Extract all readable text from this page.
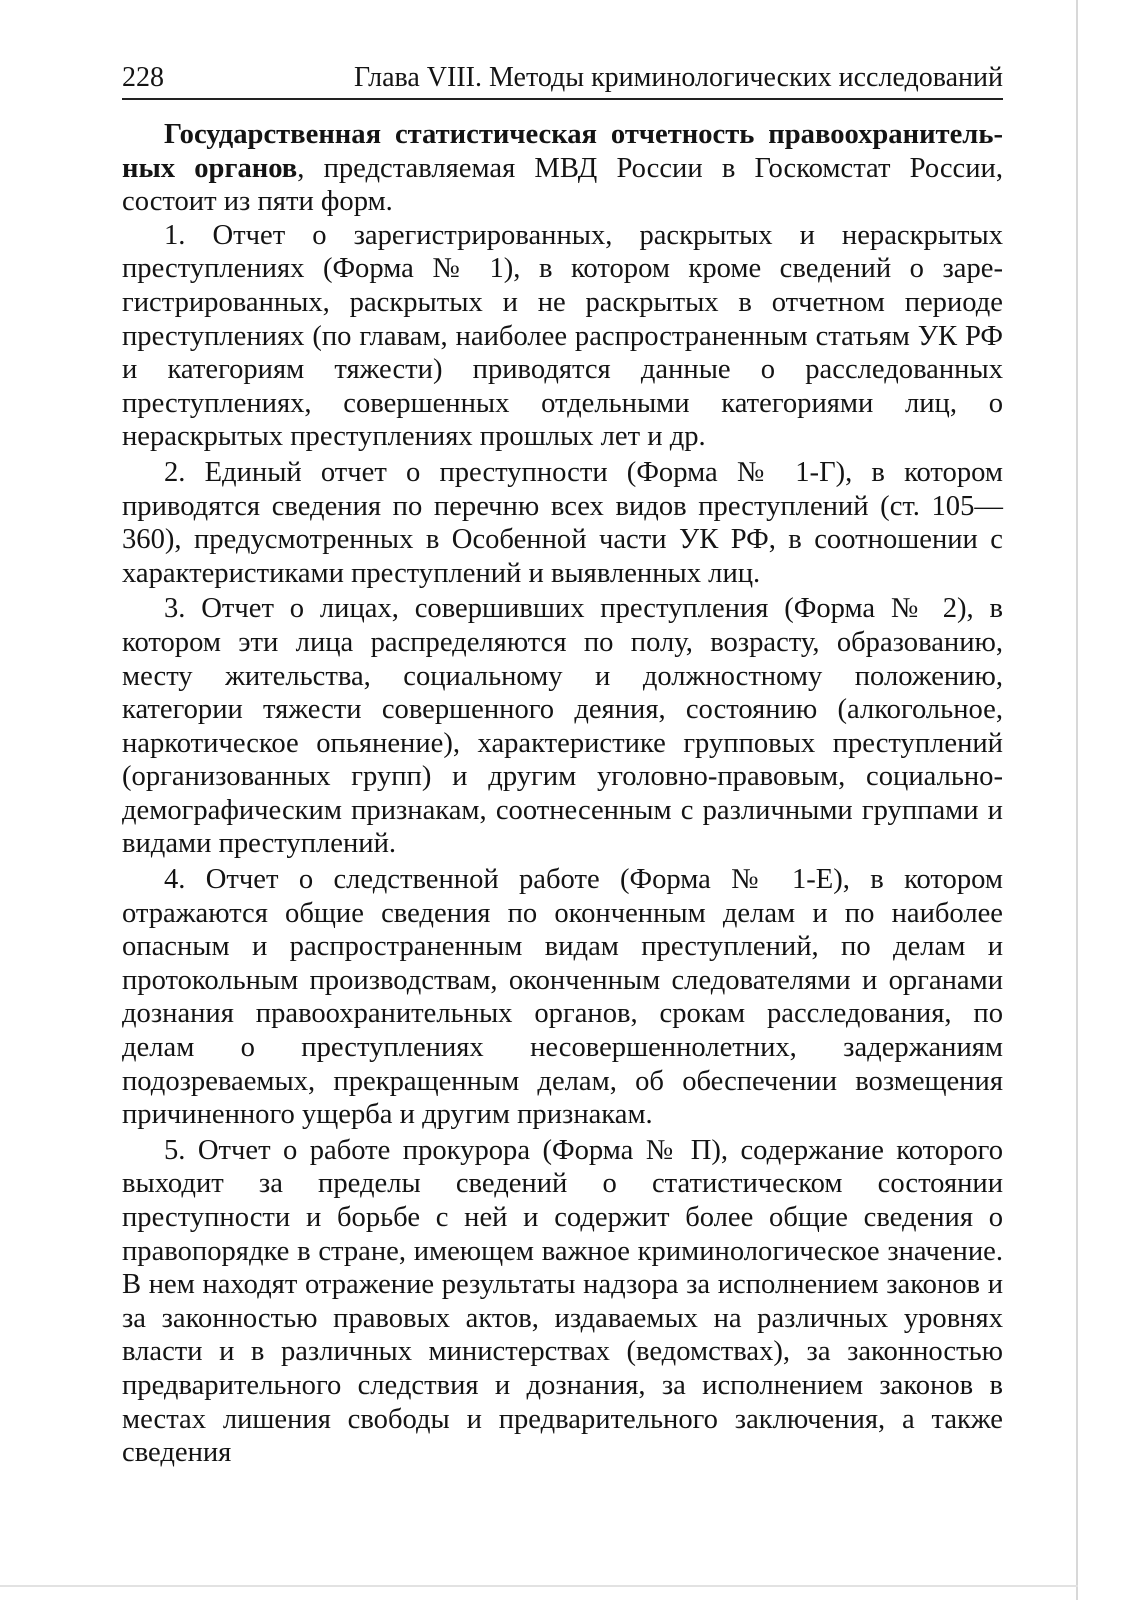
228	Глава VIII. Методы криминологических исследований

Государственная статистическая отчетность правоохранительных органов, представляемая МВД России в Госкомстат России, состоит из пяти форм.

1. Отчет о зарегистрированных, раскрытых и нераскрытых преступлениях (Форма № 1), в котором кроме сведений о зарегистрированных, раскрытых и не раскрытых в отчетном периоде преступлениях (по главам, наиболее распространенным статьям УК РФ и категориям тяжести) приводятся данные о расследованных преступлениях, совершенных отдельными категориями лиц, о нераскрытых преступлениях прошлых лет и др.

2. Единый отчет о преступности (Форма № 1-Г), в котором приводятся сведения по перечню всех видов преступлений (ст. 105—360), предусмотренных в Особенной части УК РФ, в соотношении с характеристиками преступлений и выявленных лиц.

3. Отчет о лицах, совершивших преступления (Форма № 2), в котором эти лица распределяются по полу, возрасту, образованию, месту жительства, социальному и должностному положению, категории тяжести совершенного деяния, состоянию (алкогольное, наркотическое опьянение), характеристике групповых преступлений (организованных групп) и другим уголовно-правовым, социально-демографическим признакам, соотнесенным с различными группами и видами преступлений.

4. Отчет о следственной работе (Форма № 1-Е), в котором отражаются общие сведения по оконченным делам и по наиболее опасным и распространенным видам преступлений, по делам и протокольным производствам, оконченным следователями и органами дознания правоохранительных органов, срокам расследования, по делам о преступлениях несовершеннолетних, задержаниям подозреваемых, прекращенным делам, об обеспечении возмещения причиненного ущерба и другим признакам.

5. Отчет о работе прокурора (Форма № П), содержание которого выходит за пределы сведений о статистическом состоянии преступности и борьбе с ней и содержит более общие сведения о правопорядке в стране, имеющем важное криминологическое значение. В нем находят отражение результаты надзора за исполнением законов и за законностью правовых актов, издаваемых на различных уровнях власти и в различных министерствах (ведомствах), за законностью предварительного следствия и дознания, за исполнением законов в местах лишения свободы и предварительного заключения, а также сведения
